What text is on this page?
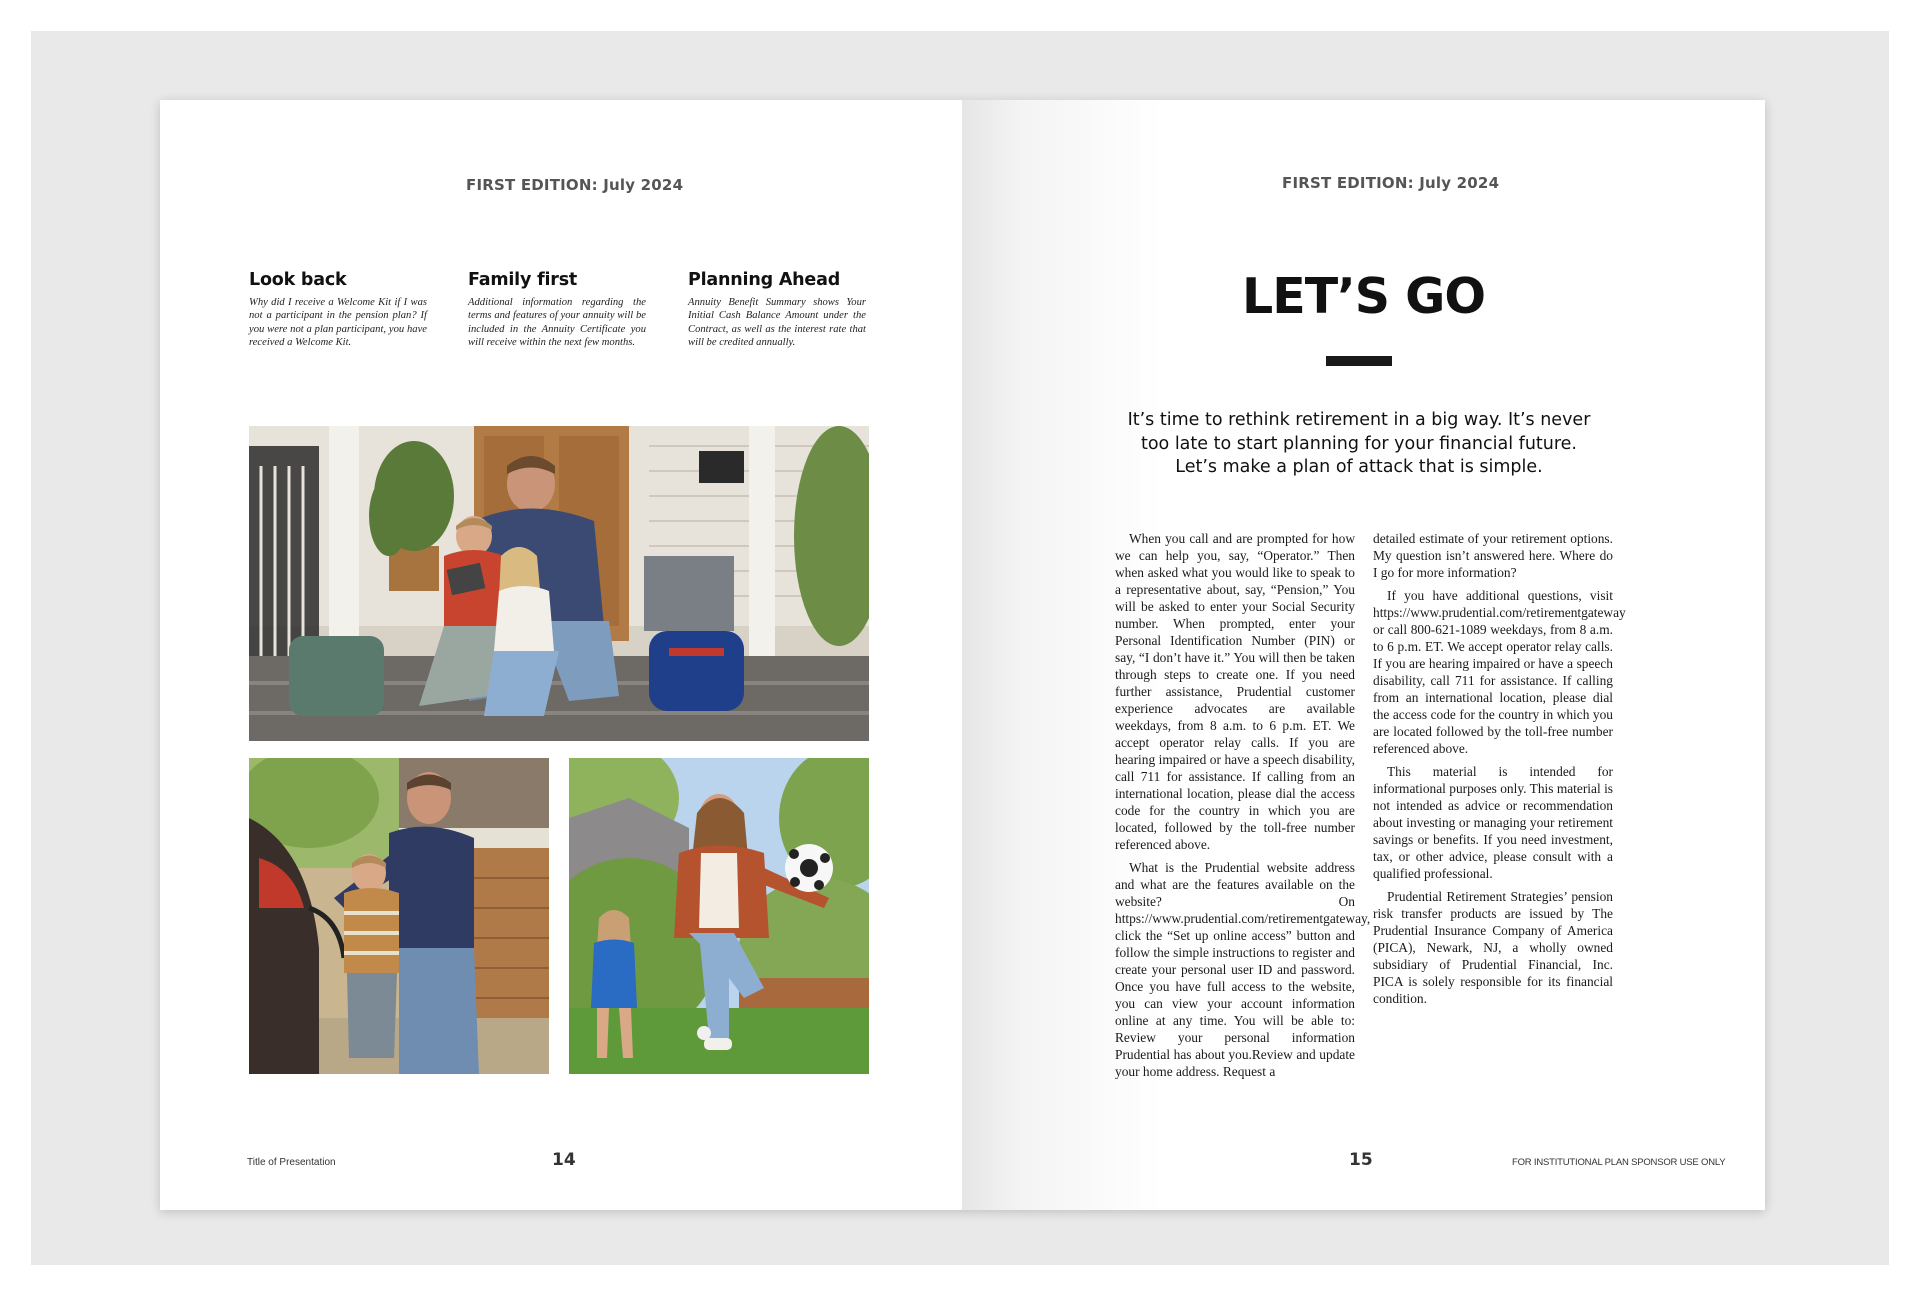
FIRST EDITION: July 2024
Look back

Why did I receive a Welcome Kit if I was not a participant in the pension plan? If you were not a plan participant, you have received a Welcome Kit.

Family first

Additional information regarding the terms and features of your annuity will be included in the Annuity Certificate you will receive within the next few months.

Planning Ahead

Annuity Benefit Summary shows Your Initial Cash Balance Amount under the Contract, as well as the interest rate that will be credited annually.

Title of Presentation	14
FIRST EDITION: July 2024
LET’S GO

It’s time to rethink retirement in a big way. It’s never too late to start planning for your financial future. Let’s make a plan of attack that is simple.

When you call and are prompted for how we can help you, say, “Operator.” Then when asked what you would like to speak to a representative about, say, “Pension,” You will be asked to enter your Social Security number. When prompted, enter your Personal Identification Number (PIN) or say, “I don’t have it.” You will then be taken through steps to create one. If you need further assistance, Prudential customer experience advocates are available weekdays, from 8 a.m. to 6 p.m. ET. We accept operator relay calls. If you are hearing impaired or have a speech disability, call 711 for assistance. If calling from an international location, please dial the access code for the country in which you are located, followed by the toll-free number referenced above.

What is the Prudential website address and what are the features available on the website? On https://www.prudential.com/retirementgateway, click the “Set up online access” button and follow the simple instructions to register and create your personal user ID and password. Once you have full access to the website, you can view your account information online at any time. You will be able to: Review your personal information Prudential has about you.Review and update your home address. Request a

detailed estimate of your retirement options. My question isn’t answered here. Where do I go for more information?

If you have additional questions, visit https://www.prudential.com/retirementgateway or call 800-621-1089 weekdays, from 8 a.m. to 6 p.m. ET. We accept operator relay calls. If you are hearing impaired or have a speech disability, call 711 for assistance. If calling from an international location, please dial the access code for the country in which you are located followed by the toll-free number referenced above.

This material is intended for informational purposes only. This material is not intended as advice or recommendation about investing or managing your retirement savings or benefits. If you need investment, tax, or other advice, please consult with a qualified professional.

Prudential Retirement Strategies’ pension risk transfer products are issued by The Prudential Insurance Company of America (PICA), Newark, NJ, a wholly owned subsidiary of Prudential Financial, Inc. PICA is solely responsible for its financial condition.

15	FOR INSTITUTIONAL PLAN SPONSOR USE ONLY
